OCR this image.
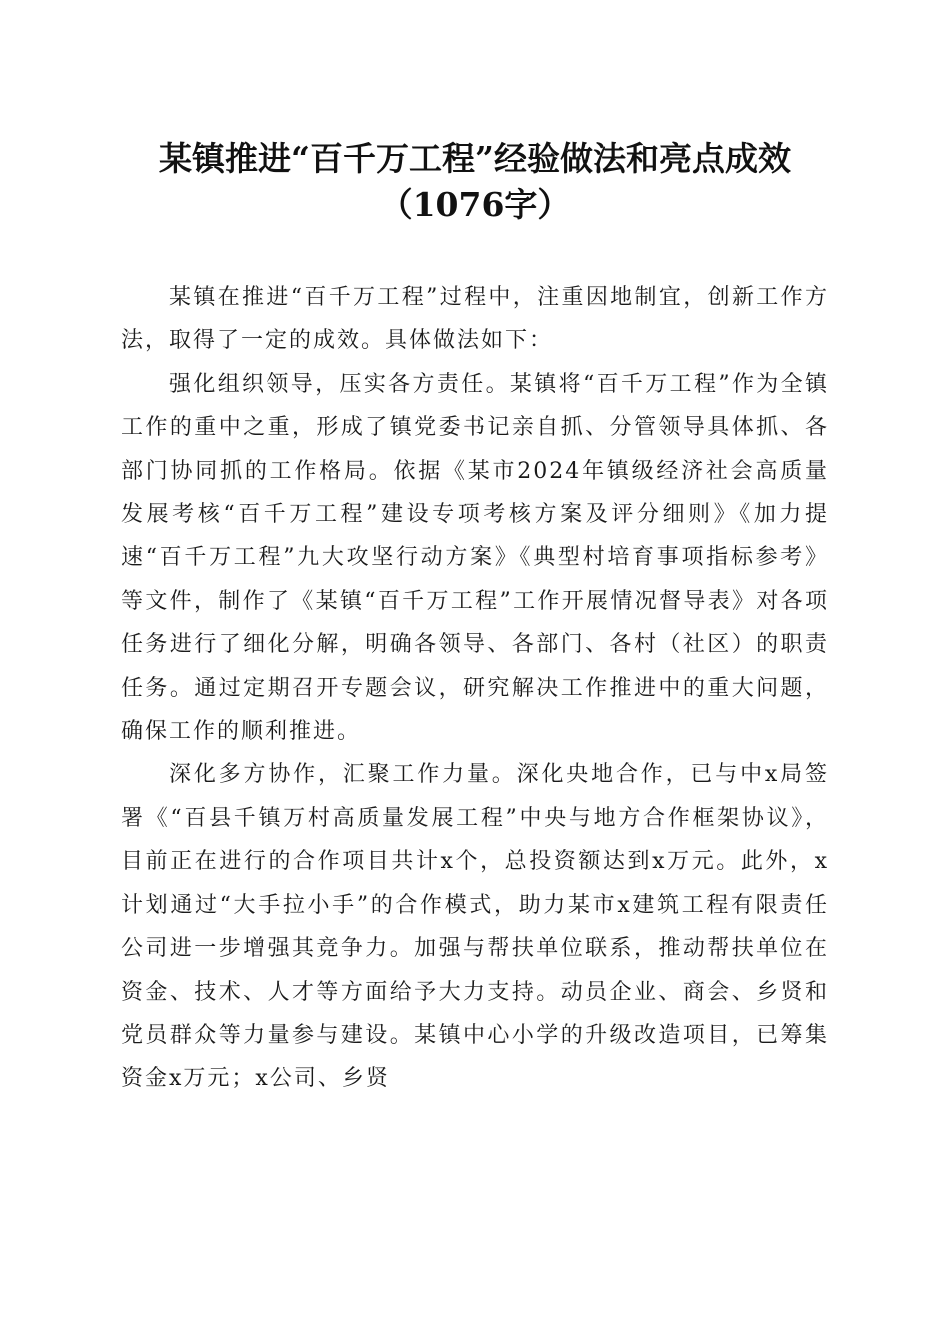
某镇推进“百千万工程”经验做法和亮点成效
（1076字）

某镇在推进“百千万工程”过程中，注重因地制宜，创新工作方法，取得了一定的成效。具体做法如下：

强化组织领导，压实各方责任。某镇将“百千万工程”作为全镇工作的重中之重，形成了镇党委书记亲自抓、分管领导具体抓、各部门协同抓的工作格局。依据《某市2024年镇级经济社会高质量发展考核“百千万工程”建设专项考核方案及评分细则》《加力提速“百千万工程”九大攻坚行动方案》《典型村培育事项指标参考》等文件，制作了《某镇“百千万工程”工作开展情况督导表》对各项任务进行了细化分解，明确各领导、各部门、各村（社区）的职责任务。通过定期召开专题会议，研究解决工作推进中的重大问题，确保工作的顺利推进。

深化多方协作，汇聚工作力量。深化央地合作，已与中x局签署《“百县千镇万村高质量发展工程”中央与地方合作框架协议》，目前正在进行的合作项目共计x个，总投资额达到x万元。此外，x计划通过“大手拉小手”的合作模式，助力某市x建筑工程有限责任公司进一步增强其竞争力。加强与帮扶单位联系，推动帮扶单位在资金、技术、人才等方面给予大力支持。动员企业、商会、乡贤和党员群众等力量参与建设。某镇中心小学的升级改造项目，已筹集资金x万元；x公司、乡贤
